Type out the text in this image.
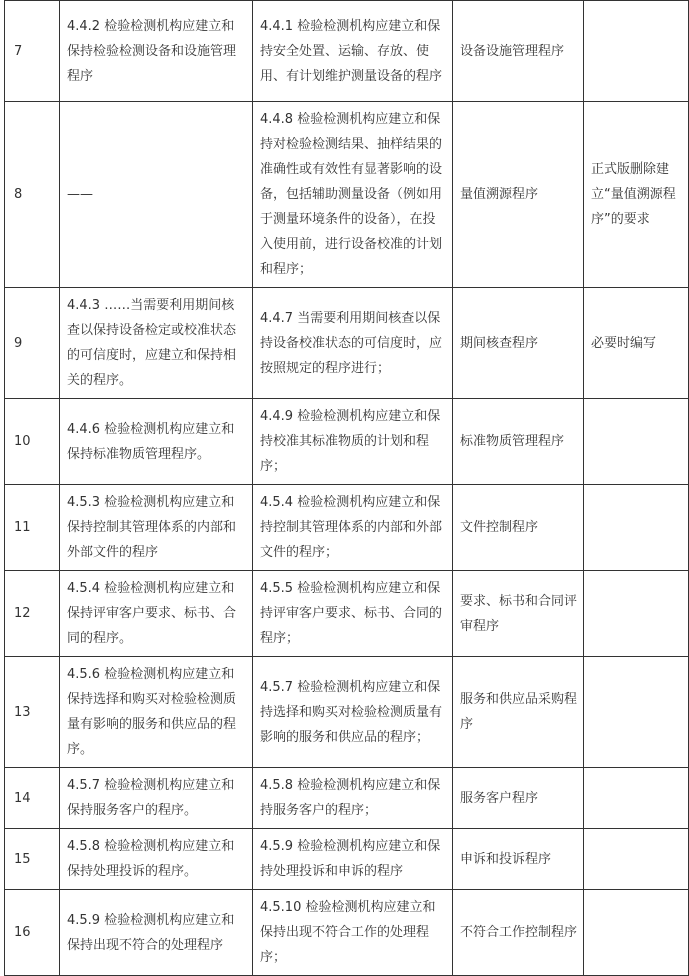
7	4.4.2 检验检测机构应建立和保持检验检测设备和设施管理程序	4.4.1 检验检测机构应建立和保持安全处置、运输、存放、使用、有计划维护测量设备的程序	设备设施管理程序	
8	——	4.4.8 检验检测机构应建立和保持对检验检测结果、抽样结果的准确性或有效性有显著影响的设备，包括辅助测量设备（例如用于测量环境条件的设备），在投入使用前，进行设备校准的计划和程序；	量值溯源程序	正式版删除建立“量值溯源程序”的要求
9	4.4.3 ……当需要利用期间核查以保持设备检定或校准状态的可信度时，应建立和保持相关的程序。	4.4.7 当需要利用期间核查以保持设备校准状态的可信度时，应按照规定的程序进行；	期间核查程序	必要时编写
10	4.4.6 检验检测机构应建立和保持标准物质管理程序。	4.4.9 检验检测机构应建立和保持校准其标准物质的计划和程序；	标准物质管理程序	
11	4.5.3 检验检测机构应建立和保持控制其管理体系的内部和外部文件的程序	4.5.4 检验检测机构应建立和保持控制其管理体系的内部和外部文件的程序；	文件控制程序	
12	4.5.4 检验检测机构应建立和保持评审客户要求、标书、合同的程序。	4.5.5 检验检测机构应建立和保持评审客户要求、标书、合同的程序；	要求、标书和合同评审程序	
13	4.5.6 检验检测机构应建立和保持选择和购买对检验检测质量有影响的服务和供应品的程序。	4.5.7 检验检测机构应建立和保持选择和购买对检验检测质量有影响的服务和供应品的程序；	服务和供应品采购程序	
14	4.5.7 检验检测机构应建立和保持服务客户的程序。	4.5.8 检验检测机构应建立和保持服务客户的程序；	服务客户程序	
15	4.5.8 检验检测机构应建立和保持处理投诉的程序。	4.5.9 检验检测机构应建立和保持处理投诉和申诉的程序	申诉和投诉程序	
16	4.5.9 检验检测机构应建立和保持出现不符合的处理程序	4.5.10 检验检测机构应建立和保持出现不符合工作的处理程序；	不符合工作控制程序	
